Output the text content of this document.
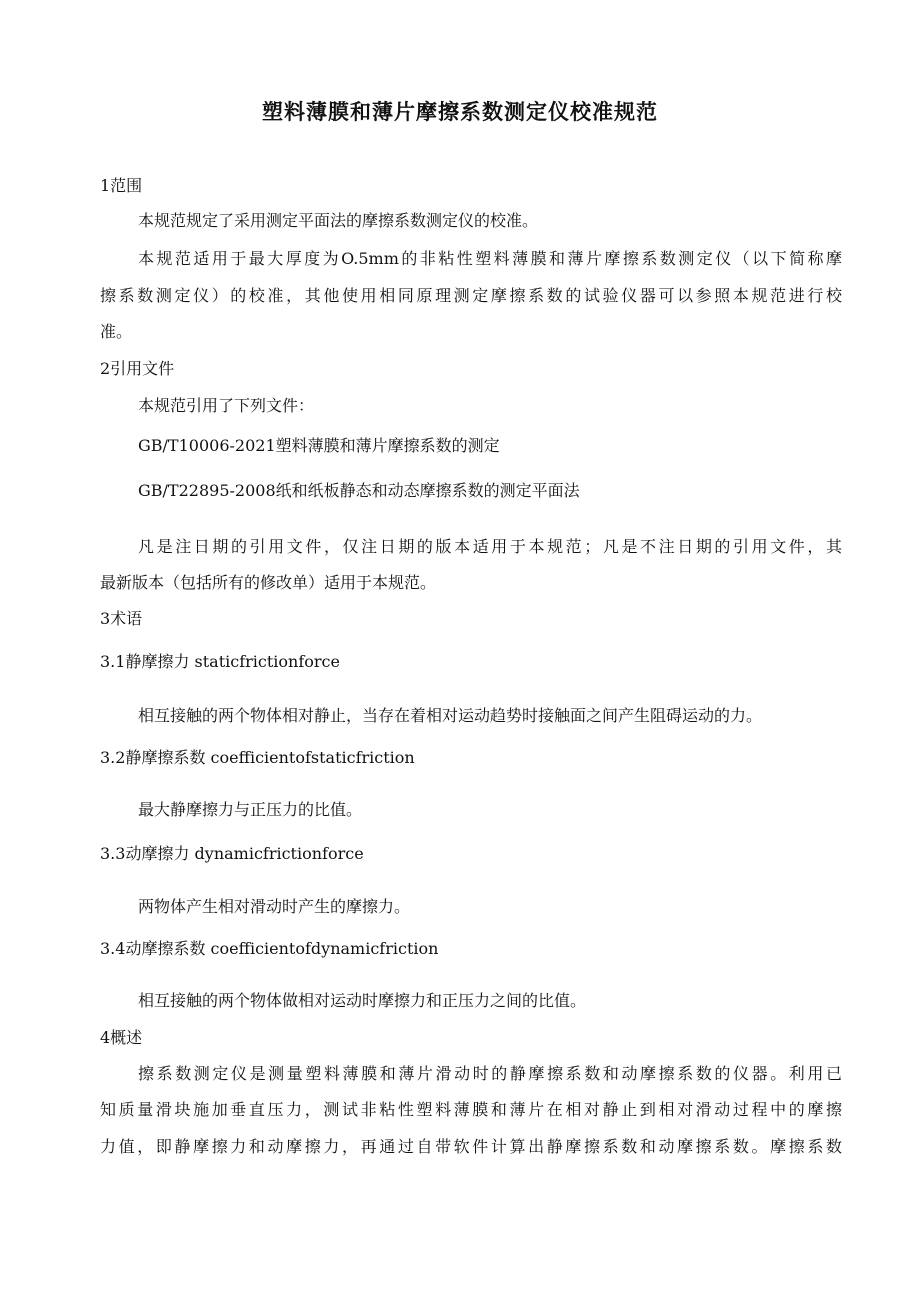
塑料薄膜和薄片摩擦系数测定仪校准规范
1范围
本规范规定了采用测定平面法的摩擦系数测定仪的校准。
本规范适用于最大厚度为O.5mm的非粘性塑料薄膜和薄片摩擦系数测定仪（以下简称摩
擦系数测定仪）的校准，其他使用相同原理测定摩擦系数的试验仪器可以参照本规范进行校
准。
2引用文件
本规范引用了下列文件：
GB/T10006-2021塑料薄膜和薄片摩擦系数的测定
GB/T22895-2008纸和纸板静态和动态摩擦系数的测定平面法
凡是注日期的引用文件，仅注日期的版本适用于本规范；凡是不注日期的引用文件，其
最新版本（包括所有的修改单）适用于本规范。
3术语
3.1静摩擦力 staticfrictionforce
相互接触的两个物体相对静止，当存在着相对运动趋势时接触面之间产生阻碍运动的力。
3.2静摩擦系数 coefficientofstaticfriction
最大静摩擦力与正压力的比值。
3.3动摩擦力 dynamicfrictionforce
两物体产生相对滑动时产生的摩擦力。
3.4动摩擦系数 coefficientofdynamicfriction
相互接触的两个物体做相对运动时摩擦力和正压力之间的比值。
4概述
擦系数测定仪是测量塑料薄膜和薄片滑动时的静摩擦系数和动摩擦系数的仪器。利用已
知质量滑块施加垂直压力，测试非粘性塑料薄膜和薄片在相对静止到相对滑动过程中的摩擦
力值，即静摩擦力和动摩擦力，再通过自带软件计算出静摩擦系数和动摩擦系数。摩擦系数
